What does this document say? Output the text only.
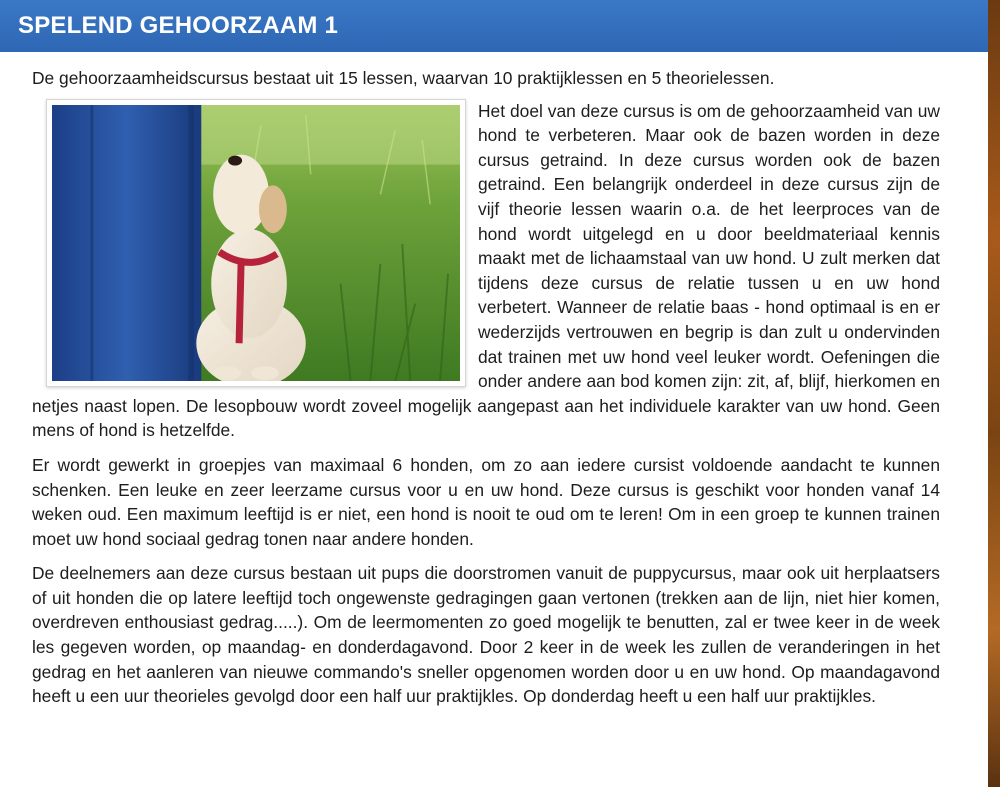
SPELEND GEHOORZAAM 1

De gehoorzaamheidscursus bestaat uit 15 lessen, waarvan 10 praktijklessen en 5 theorielessen.

Het doel van deze cursus is om de gehoorzaamheid van uw hond te verbeteren. Maar ook de bazen worden in deze cursus getraind. In deze cursus worden ook de bazen getraind. Een belangrijk onderdeel in deze cursus zijn de vijf theorie lessen waarin o.a. de het leerproces van de hond wordt uitgelegd en u door beeldmateriaal kennis maakt met de lichaamstaal van uw hond. U zult merken dat tijdens deze cursus de relatie tussen u en uw hond verbetert. Wanneer de relatie baas - hond optimaal is en er wederzijds vertrouwen en begrip is dan zult u ondervinden dat trainen met uw hond veel leuker wordt. Oefeningen die onder andere aan bod komen zijn: zit, af, blijf, hierkomen en netjes naast lopen. De lesopbouw wordt zoveel mogelijk aangepast aan het individuele karakter van uw hond. Geen mens of hond is hetzelfde.

Er wordt gewerkt in groepjes van maximaal 6 honden, om zo aan iedere cursist voldoende aandacht te kunnen schenken. Een leuke en zeer leerzame cursus voor u en uw hond. Deze cursus is geschikt voor honden vanaf 14 weken oud. Een maximum leeftijd is er niet, een hond is nooit te oud om te leren! Om in een groep te kunnen trainen moet uw hond sociaal gedrag tonen naar andere honden.

De deelnemers aan deze cursus bestaan uit pups die doorstromen vanuit de puppycursus, maar ook uit herplaatsers of uit honden die op latere leeftijd toch ongewenste gedragingen gaan vertonen (trekken aan de lijn, niet hier komen, overdreven enthousiast gedrag.....). Om de leermomenten zo goed mogelijk te benutten, zal er twee keer in de week les gegeven worden, op maandag- en donderdagavond. Door 2 keer in de week les zullen de veranderingen in het gedrag en het aanleren van nieuwe commando's sneller opgenomen worden door u en uw hond. Op maandagavond heeft u een uur theorieles gevolgd door een half uur praktijkles. Op donderdag heeft u een half uur praktijkles.
